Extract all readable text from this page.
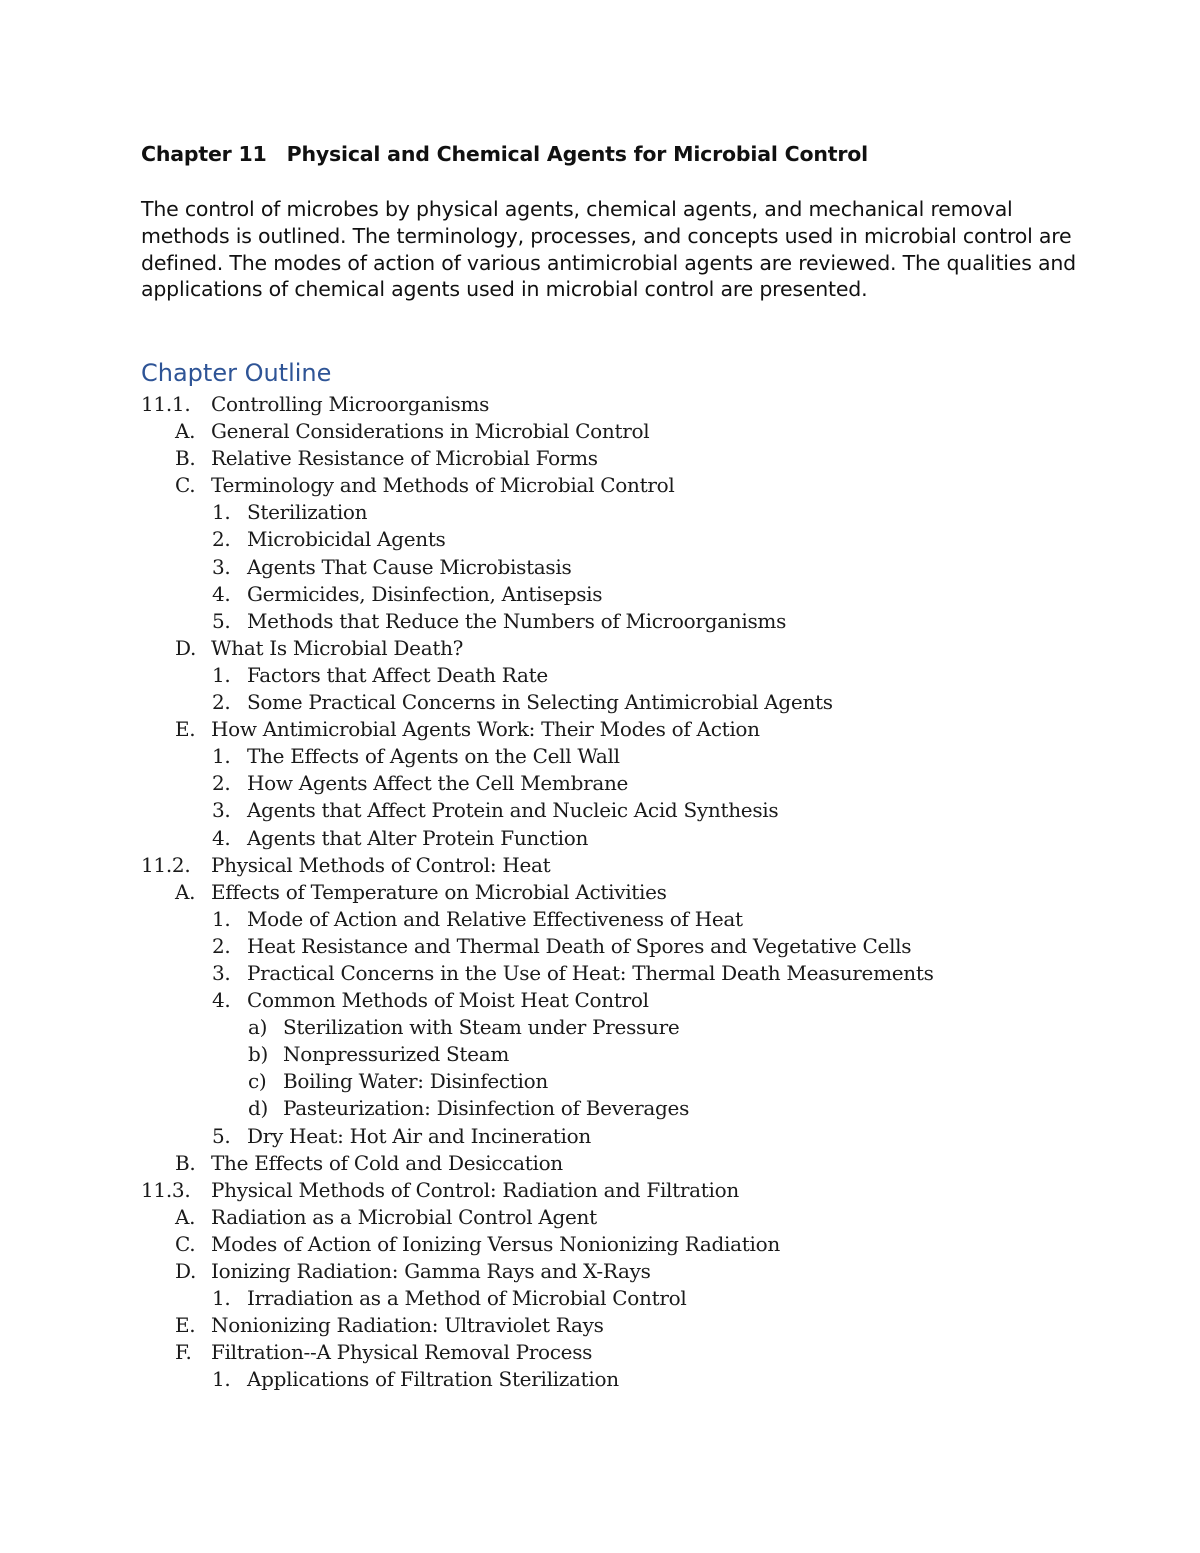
Chapter 11 Physical and Chemical Agents for Microbial Control

The control of microbes by physical agents, chemical agents, and mechanical removal methods is outlined. The terminology, processes, and concepts used in microbial control are defined. The modes of action of various antimicrobial agents are reviewed. The qualities and applications of chemical agents used in microbial control are presented.

Chapter Outline
11.1. Controlling Microorganisms
A. General Considerations in Microbial Control
B. Relative Resistance of Microbial Forms
C. Terminology and Methods of Microbial Control
1. Sterilization
2. Microbicidal Agents
3. Agents That Cause Microbistasis
4. Germicides, Disinfection, Antisepsis
5. Methods that Reduce the Numbers of Microorganisms
D. What Is Microbial Death?
1. Factors that Affect Death Rate
2. Some Practical Concerns in Selecting Antimicrobial Agents
E. How Antimicrobial Agents Work: Their Modes of Action
1. The Effects of Agents on the Cell Wall
2. How Agents Affect the Cell Membrane
3. Agents that Affect Protein and Nucleic Acid Synthesis
4. Agents that Alter Protein Function
11.2. Physical Methods of Control: Heat
A. Effects of Temperature on Microbial Activities
1. Mode of Action and Relative Effectiveness of Heat
2. Heat Resistance and Thermal Death of Spores and Vegetative Cells
3. Practical Concerns in the Use of Heat: Thermal Death Measurements
4. Common Methods of Moist Heat Control
a) Sterilization with Steam under Pressure
b) Nonpressurized Steam
c) Boiling Water: Disinfection
d) Pasteurization: Disinfection of Beverages
5. Dry Heat: Hot Air and Incineration
B. The Effects of Cold and Desiccation
11.3. Physical Methods of Control: Radiation and Filtration
A. Radiation as a Microbial Control Agent
C. Modes of Action of Ionizing Versus Nonionizing Radiation
D. Ionizing Radiation: Gamma Rays and X-Rays
1. Irradiation as a Method of Microbial Control
E. Nonionizing Radiation: Ultraviolet Rays
F. Filtration--A Physical Removal Process
1. Applications of Filtration Sterilization
